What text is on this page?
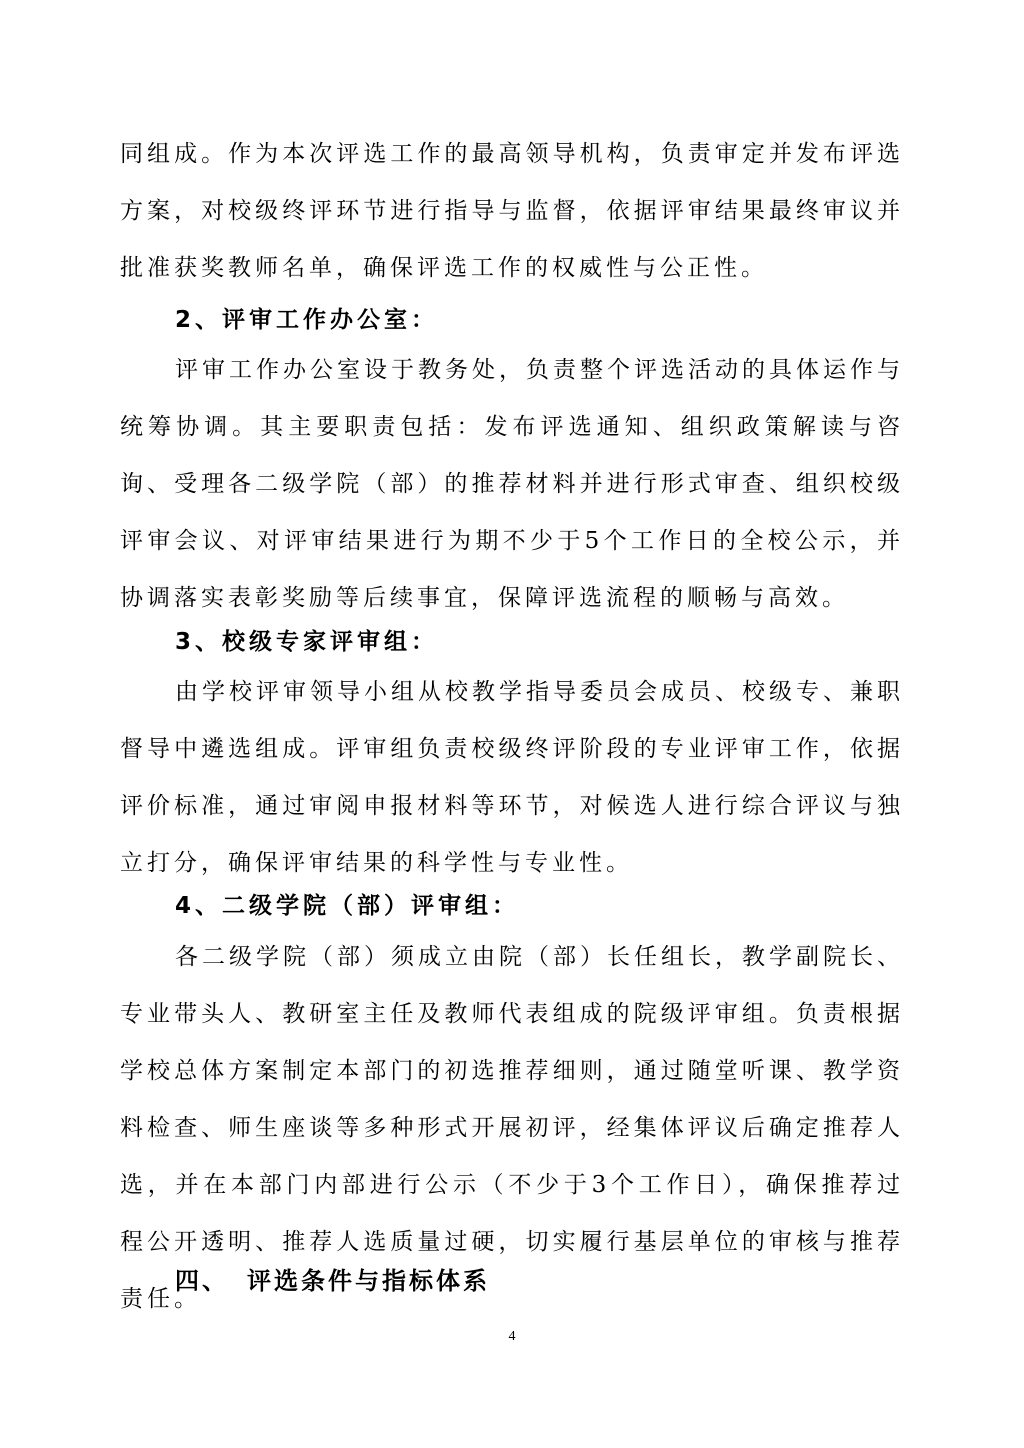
同组成。作为本次评选工作的最高领导机构，负责审定并发布评选方案，对校级终评环节进行指导与监督，依据评审结果最终审议并批准获奖教师名单，确保评选工作的权威性与公正性。

2、评审工作办公室：

评审工作办公室设于教务处，负责整个评选活动的具体运作与统筹协调。其主要职责包括：发布评选通知、组织政策解读与咨询、受理各二级学院（部）的推荐材料并进行形式审查、组织校级评审会议、对评审结果进行为期不少于5个工作日的全校公示，并协调落实表彰奖励等后续事宜，保障评选流程的顺畅与高效。

3、校级专家评审组：

由学校评审领导小组从校教学指导委员会成员、校级专、兼职督导中遴选组成。评审组负责校级终评阶段的专业评审工作，依据评价标准，通过审阅申报材料等环节，对候选人进行综合评议与独立打分，确保评审结果的科学性与专业性。

4、二级学院（部）评审组：

各二级学院（部）须成立由院（部）长任组长，教学副院长、专业带头人、教研室主任及教师代表组成的院级评审组。负责根据学校总体方案制定本部门的初选推荐细则，通过随堂听课、教学资料检查、师生座谈等多种形式开展初评，经集体评议后确定推荐人选，并在本部门内部进行公示（不少于3个工作日），确保推荐过程公开透明、推荐人选质量过硬，切实履行基层单位的审核与推荐责任。

四、 评选条件与指标体系

4
